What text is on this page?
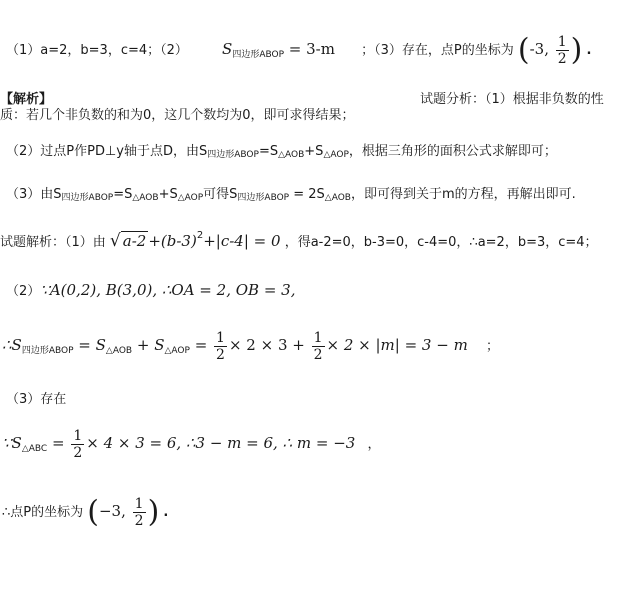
（1）a=2，b=3，c=4；（2） $S_{四边形ABOP} = 3-m$ ；（3）存在，点P的坐标为 (-3, $\frac{1}{2}$ ) .
【解析】	试题分析：（1）根据非负数的性
质：若几个非负数的和为0，这几个数均为0，即可求得结果；
（2）过点P作PD⊥y轴于点D，由S四边形ABOP=S△AOB+S△AOP，根据三角形的面积公式求解即可；
（3）由S四边形ABOP=S△AOB+S△AOP可得S四边形ABOP = 2S△AOB，即可得到关于m的方程，再解出即可.
试题解析：（1）由 √ $a-2 +(b-3)^2+|c-4| = 0$ ，得a-2=0，b-3=0，c-4=0，∴a=2，b=3，c=4；
（2）∵A(0,2), B(3,0), ∴OA = 2, OB = 3,
$\therefore S_{四边形ABOP} = S_{\triangle AOB} + S_{\triangle AOP} = \frac{1}{2} \times 2 \times 3 + \frac{1}{2} \times 2 \times |m| = 3 - m$ ；
（3）存在
$\because S_{\triangle ABC} = \frac{1}{2} \times 4 \times 3 = 6$, ∴3 − m = 6, ∴ m = −3 ，
∴点P的坐标为 (−3, $\frac{1}{2}$ ) .
